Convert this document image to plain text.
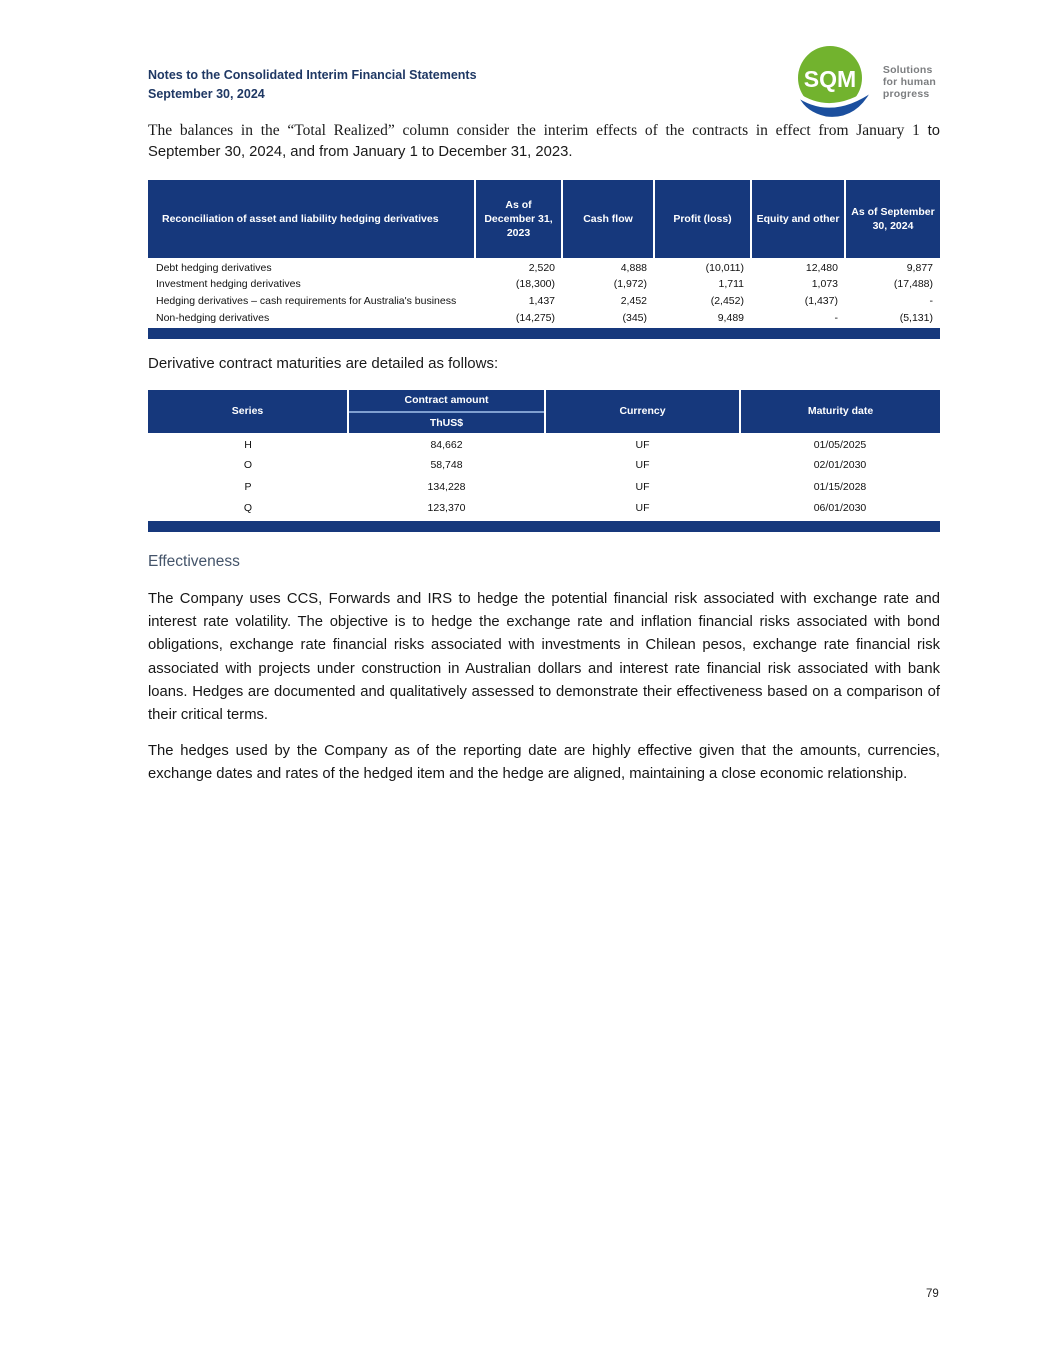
Notes to the Consolidated Interim Financial Statements
September 30, 2024
SQM	Solutions
for human
progress

The balances in the “Total Realized” column consider the interim effects of the contracts in effect from January 1 to September 30, 2024, and from January 1 to December 31, 2023.

Reconciliation of asset and liability hedging derivatives	As of December 31, 2023	Cash flow	Profit (loss)	Equity and other	As of September 30, 2024
Debt hedging derivatives	2,520	4,888	(10,011)	12,480	9,877
Investment hedging derivatives	(18,300)	(1,972)	1,711	1,073	(17,488)
Hedging derivatives – cash requirements for Australia's business	1,437	2,452	(2,452)	(1,437)	-
Non-hedging derivatives	(14,275)	(345)	9,489	-	(5,131)
Derivative contract maturities are detailed as follows:
Series	Contract amount	Currency	Maturity date
	ThUS$		
H	84,662	UF	01/05/2025
O	58,748	UF	02/01/2030
P	134,228	UF	01/15/2028
Q	123,370	UF	06/01/2030
Effectiveness

The Company uses CCS, Forwards and IRS to hedge the potential financial risk associated with exchange rate and interest rate volatility. The objective is to hedge the exchange rate and inflation financial risks associated with bond obligations, exchange rate financial risks associated with investments in Chilean pesos, exchange rate financial risk associated with projects under construction in Australian dollars and interest rate financial risk associated with bank loans. Hedges are documented and qualitatively assessed to demonstrate their effectiveness based on a comparison of their critical terms.

The hedges used by the Company as of the reporting date are highly effective given that the amounts, currencies, exchange dates and rates of the hedged item and the hedge are aligned, maintaining a close economic relationship.

79
